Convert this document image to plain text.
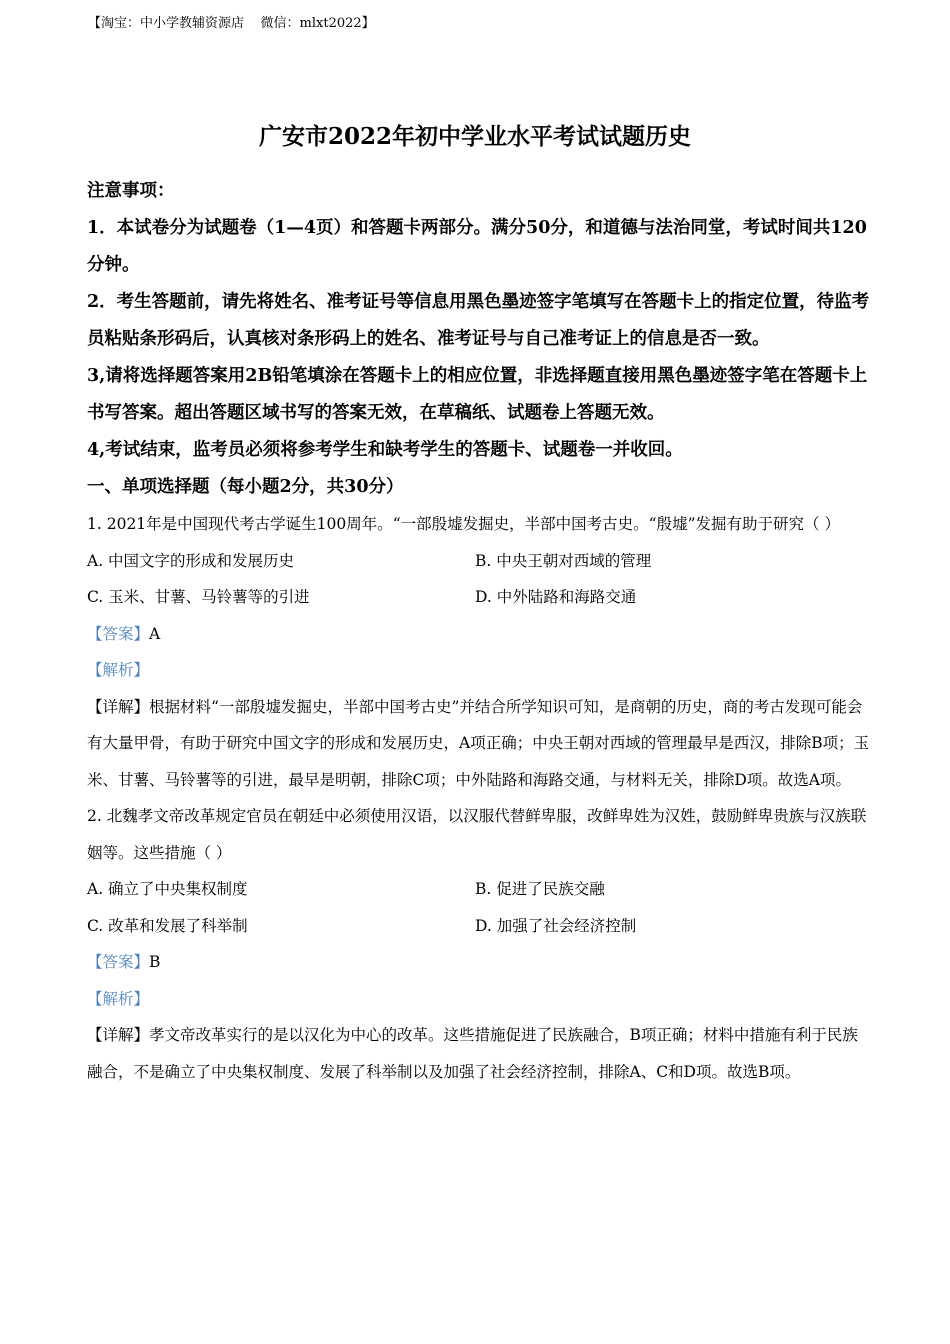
【淘宝：中小学教辅资源店    微信：mlxt2022】
广安市2022年初中学业水平考试试题历史

注意事项：

1．本试卷分为试题卷（1—4页）和答题卡两部分。满分50分，和道德与法治同堂，考试时间共120分钟。

2．考生答题前，请先将姓名、准考证号等信息用黑色墨迹签字笔填写在答题卡上的指定位置，待监考员粘贴条形码后，认真核对条形码上的姓名、准考证号与自己准考证上的信息是否一致。

3,请将选择题答案用2B铅笔填涂在答题卡上的相应位置，非选择题直接用黑色墨迹签字笔在答题卡上书写答案。超出答题区域书写的答案无效，在草稿纸、试题卷上答题无效。

4,考试结束，监考员必须将参考学生和缺考学生的答题卡、试题卷一并收回。

一、单项选择题（每小题2分，共30分）

1. 2021年是中国现代考古学诞生100周年。“一部殷墟发掘史，半部中国考古史。“殷墟”发掘有助于研究（ ）

A. 中国文字的形成和发展历史	B. 中央王朝对西域的管理

C. 玉米、甘薯、马铃薯等的引进	D. 中外陆路和海路交通

【答案】A

【解析】

【详解】根据材料“一部殷墟发掘史，半部中国考古史”并结合所学知识可知，是商朝的历史，商的考古发现可能会有大量甲骨，有助于研究中国文字的形成和发展历史，A项正确；中央王朝对西域的管理最早是西汉，排除B项；玉米、甘薯、马铃薯等的引进，最早是明朝，排除C项；中外陆路和海路交通，与材料无关，排除D项。故选A项。

2. 北魏孝文帝改革规定官员在朝廷中必须使用汉语，以汉服代替鲜卑服，改鲜卑姓为汉姓，鼓励鲜卑贵族与汉族联姻等。这些措施（ ）

A. 确立了中央集权制度	B. 促进了民族交融

C. 改革和发展了科举制	D. 加强了社会经济控制

【答案】B

【解析】

【详解】孝文帝改革实行的是以汉化为中心的改革。这些措施促进了民族融合，B项正确；材料中措施有利于民族融合，不是确立了中央集权制度、发展了科举制以及加强了社会经济控制，排除A、C和D项。故选B项。
